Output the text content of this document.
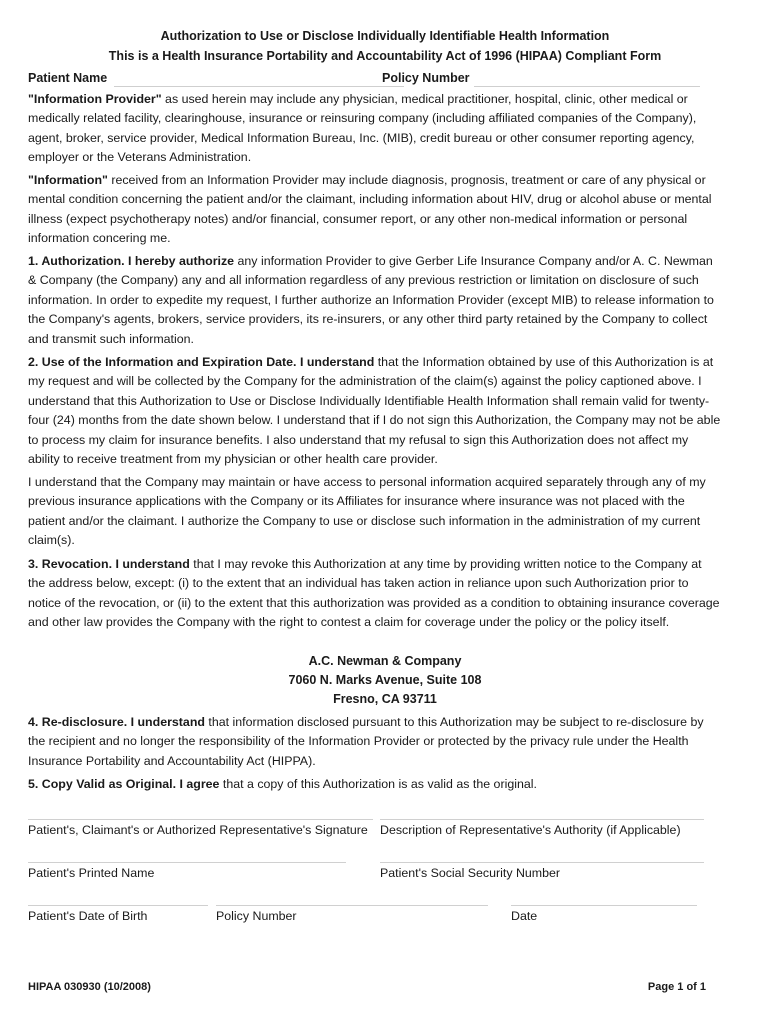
Authorization to Use or Disclose Individually Identifiable Health Information
This is a Health Insurance Portability and Accountability Act of 1996 (HIPAA) Compliant Form
Patient Name	Policy Number

"Information Provider" as used herein may include any physician, medical practitioner, hospital, clinic, other medical or medically related facility, clearinghouse, insurance or reinsuring company (including affiliated companies of the Company), agent, broker, service provider, Medical Information Bureau, Inc. (MIB), credit bureau or other consumer reporting agency, employer or the Veterans Administration.

"Information" received from an Information Provider may include diagnosis, prognosis, treatment or care of any physical or mental condition concerning the patient and/or the claimant, including information about HIV, drug or alcohol abuse or mental illness (expect psychotherapy notes) and/or financial, consumer report, or any other non-medical information or personal information concering me.

1. Authorization. I hereby authorize any information Provider to give Gerber Life Insurance Company and/or A. C. Newman & Company (the Company) any and all information regardless of any previous restriction or limitation on disclosure of such information. In order to expedite my request, I further authorize an Information Provider (except MIB) to release information to the Company's agents, brokers, service providers, its re-insurers, or any other third party retained by the Company to collect and transmit such information.

2. Use of the Information and Expiration Date. I understand that the Information obtained by use of this Authorization is at my request and will be collected by the Company for the administration of the claim(s) against the policy captioned above. I understand that this Authorization to Use or Disclose Individually Identifiable Health Information shall remain valid for twenty-four (24) months from the date shown below. I understand that if I do not sign this Authorization, the Company may not be able to process my claim for insurance benefits. I also understand that my refusal to sign this Authorization does not affect my ability to receive treatment from my physician or other health care provider.

I understand that the Company may maintain or have access to personal information acquired separately through any of my previous insurance applications with the Company or its Affiliates for insurance where insurance was not placed with the patient and/or the claimant. I authorize the Company to use or disclose such information in the administration of my current claim(s).

3. Revocation. I understand that I may revoke this Authorization at any time by providing written notice to the Company at the address below, except: (i) to the extent that an individual has taken action in reliance upon such Authorization prior to notice of the revocation, or (ii) to the extent that this authorization was provided as a condition to obtaining insurance coverage and other law provides the Company with the right to contest a claim for coverage under the policy or the policy itself.

A.C. Newman & Company
7060 N. Marks Avenue, Suite 108
Fresno, CA 93711

4. Re-disclosure. I understand that information disclosed pursuant to this Authorization may be subject to re-disclosure by the recipient and no longer the responsibility of the Information Provider or protected by the privacy rule under the Health Insurance Portability and Accountability Act (HIPPA).

5. Copy Valid as Original. I agree that a copy of this Authorization is as valid as the original.

Patient's, Claimant's or Authorized Representative's Signature Description of Representative's Authority (if Applicable)
Patient's Printed Name	Patient's Social Security Number
Patient's Date of Birth	Policy Number	Date
HIPAA 030930 (10/2008)	Page 1 of 1
